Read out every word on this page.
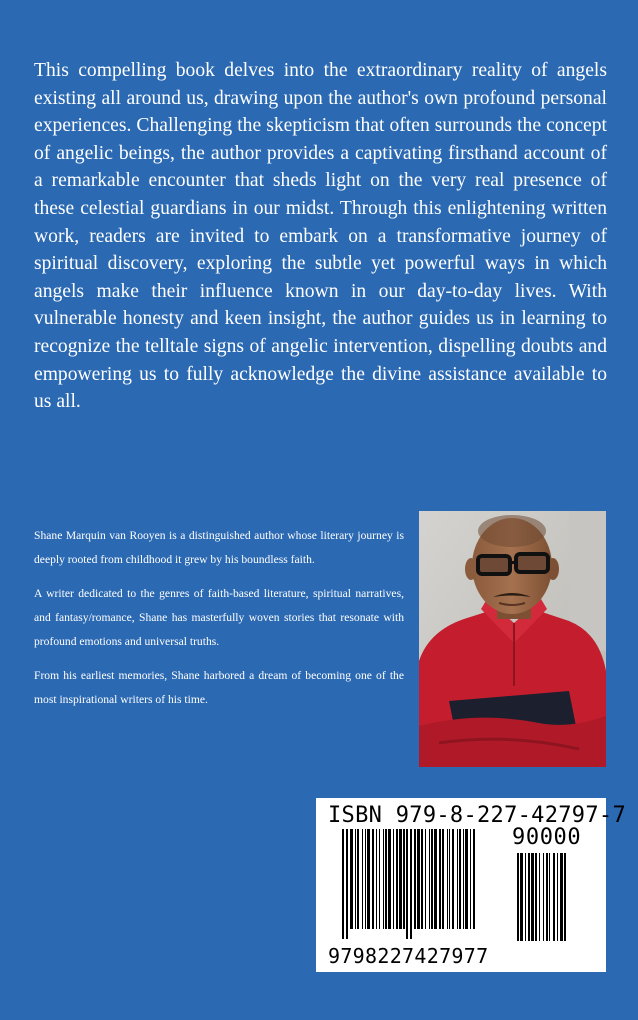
This compelling book delves into the extraordinary reality of angels existing all around us, drawing upon the author's own profound personal experiences. Challenging the skepticism that often surrounds the concept of angelic beings, the author provides a captivating firsthand account of a remarkable encounter that sheds light on the very real presence of these celestial guardians in our midst. Through this enlightening written work, readers are invited to embark on a transformative journey of spiritual discovery, exploring the subtle yet powerful ways in which angels make their influence known in our day-to-day lives. With vulnerable honesty and keen insight, the author guides us in learning to recognize the telltale signs of angelic intervention, dispelling doubts and empowering us to fully acknowledge the divine assistance available to us all.

Shane Marquin van Rooyen is a distinguished author whose literary journey is deeply rooted from childhood it grew by his boundless faith.

A writer dedicated to the genres of faith-based literature, spiritual narratives, and fantasy/romance, Shane has masterfully woven stories that resonate with profound emotions and universal truths.

From his earliest memories, Shane harbored a dream of becoming one of the most inspirational writers of his time.

ISBN 979-8-227-42797-7
90000
9798227427977
